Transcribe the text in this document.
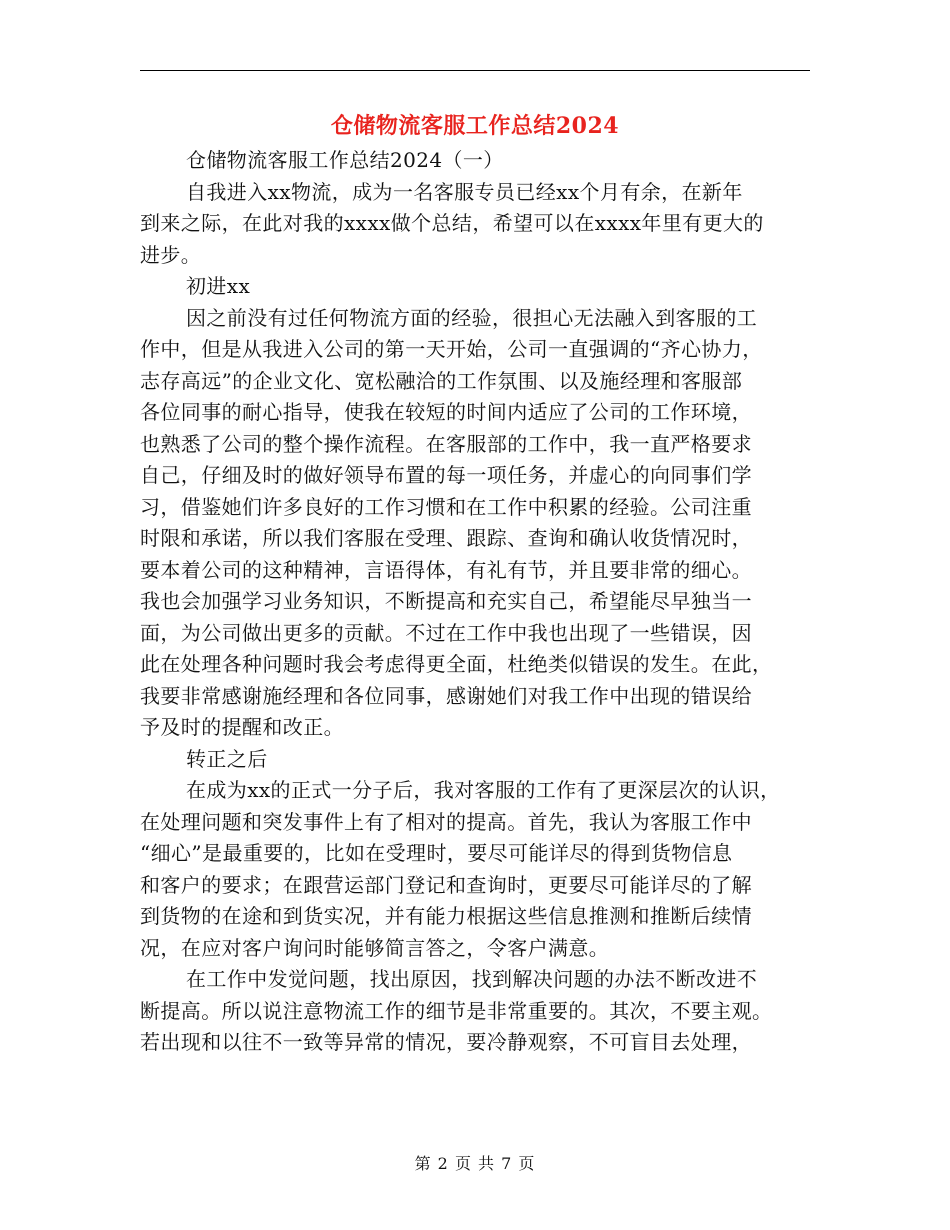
仓储物流客服工作总结2024
仓储物流客服工作总结2024（一）
自我进入xx物流，成为一名客服专员已经xx个月有余，在新年
到来之际，在此对我的xxxx做个总结，希望可以在xxxx年里有更大的
进步。
初进xx
因之前没有过任何物流方面的经验，很担心无法融入到客服的工
作中，但是从我进入公司的第一天开始，公司一直强调的“齐心协力，
志存高远”的企业文化、宽松融洽的工作氛围、以及施经理和客服部
各位同事的耐心指导，使我在较短的时间内适应了公司的工作环境，
也熟悉了公司的整个操作流程。在客服部的工作中，我一直严格要求
自己，仔细及时的做好领导布置的每一项任务，并虚心的向同事们学
习，借鉴她们许多良好的工作习惯和在工作中积累的经验。公司注重
时限和承诺，所以我们客服在受理、跟踪、查询和确认收货情况时，
要本着公司的这种精神，言语得体，有礼有节，并且要非常的细心。
我也会加强学习业务知识，不断提高和充实自己，希望能尽早独当一
面，为公司做出更多的贡献。不过在工作中我也出现了一些错误，因
此在处理各种问题时我会考虑得更全面，杜绝类似错误的发生。在此，
我要非常感谢施经理和各位同事，感谢她们对我工作中出现的错误给
予及时的提醒和改正。
转正之后
在成为xx的正式一分子后，我对客服的工作有了更深层次的认识，
在处理问题和突发事件上有了相对的提高。首先，我认为客服工作中
“细心”是最重要的，比如在受理时，要尽可能详尽的得到货物信息
和客户的要求；在跟营运部门登记和查询时，更要尽可能详尽的了解
到货物的在途和到货实况，并有能力根据这些信息推测和推断后续情
况，在应对客户询问时能够简言答之，令客户满意。
在工作中发觉问题，找出原因，找到解决问题的办法不断改进不
断提高。所以说注意物流工作的细节是非常重要的。其次，不要主观。
若出现和以往不一致等异常的情况，要冷静观察，不可盲目去处理，
第 2 页 共 7 页
